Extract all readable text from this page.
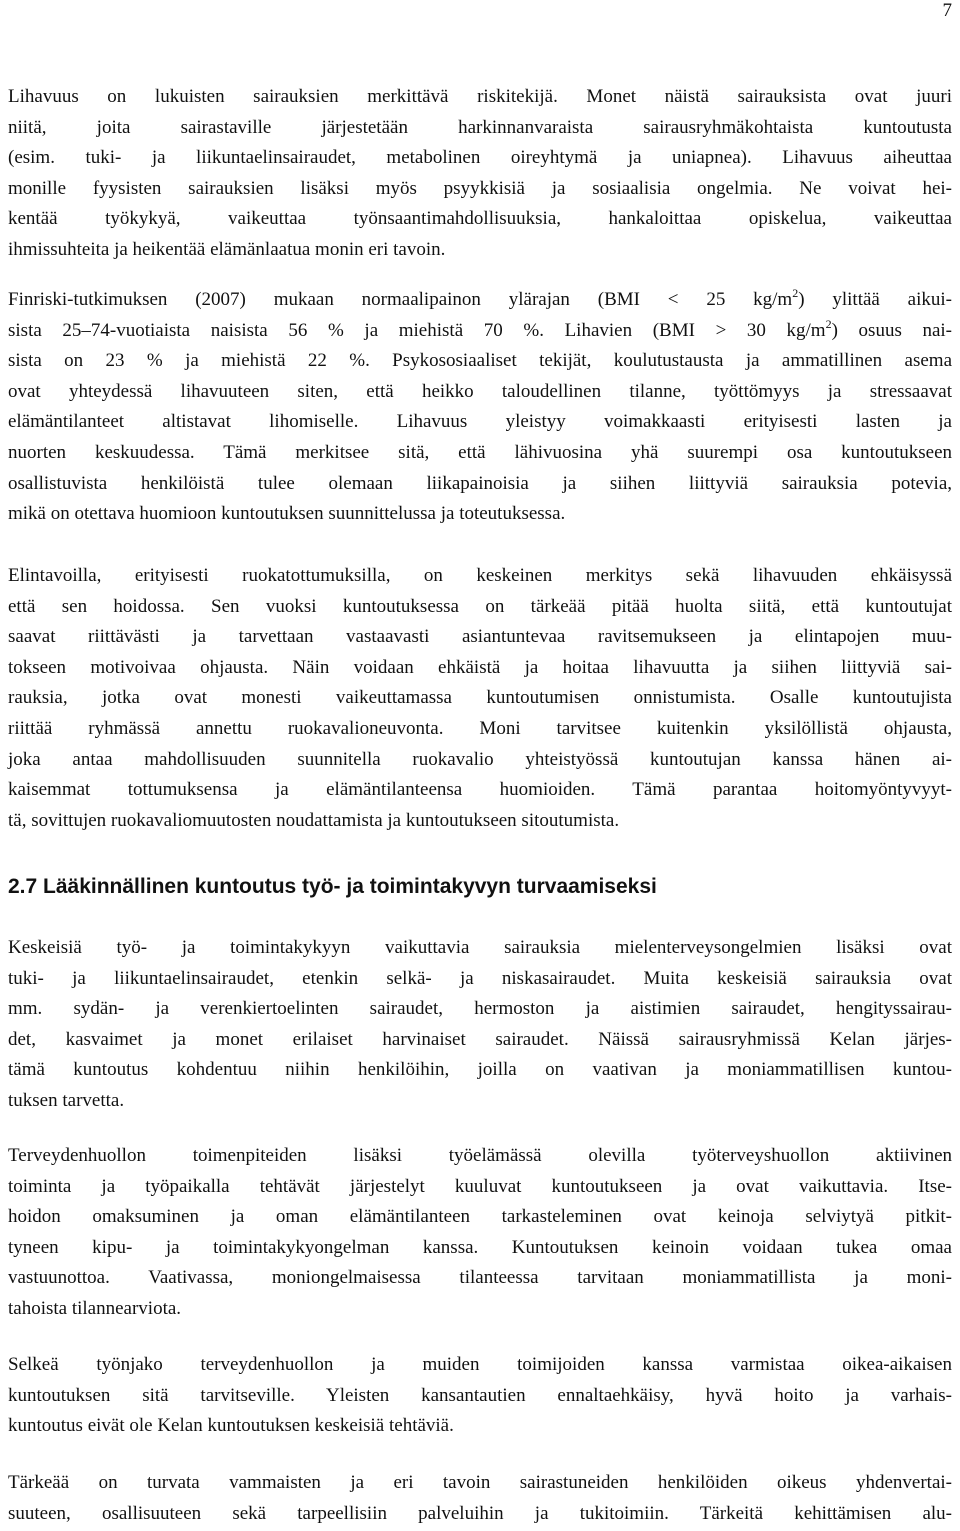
7
Lihavuus on lukuisten sairauksien merkittävä riskitekijä. Monet näistä sairauksista ovat juuri
niitä, joita sairastaville järjestetään harkinnanvaraista sairausryhmäkohtaista kuntoutusta
(esim. tuki- ja liikuntaelinsairaudet, metabolinen oireyhtymä ja uniapnea). Lihavuus aiheuttaa
monille fyysisten sairauksien lisäksi myös psyykkisiä ja sosiaalisia ongelmia. Ne voivat hei-
kentää työkykyä, vaikeuttaa työnsaantimahdollisuuksia, hankaloittaa opiskelua, vaikeuttaa
ihmissuhteita ja heikentää elämänlaatua monin eri tavoin.
Finriski-tutkimuksen (2007) mukaan normaalipainon ylärajan (BMI < 25 $kg/m^2$) ylittää aikui-
sista 25–74-vuotiaista naisista 56 % ja miehistä 70 %. Lihavien (BMI > 30 $kg/m^2$) osuus nai-
sista on 23 % ja miehistä 22 %. Psykososiaaliset tekijät, koulutustausta ja ammatillinen asema
ovat yhteydessä lihavuuteen siten, että heikko taloudellinen tilanne, työttömyys ja stressaavat
elämäntilanteet altistavat lihomiselle. Lihavuus yleistyy voimakkaasti erityisesti lasten ja
nuorten keskuudessa. Tämä merkitsee sitä, että lähivuosina yhä suurempi osa kuntoutukseen
osallistuvista henkilöistä tulee olemaan liikapainoisia ja siihen liittyviä sairauksia potevia,
mikä on otettava huomioon kuntoutuksen suunnittelussa ja toteutuksessa.
Elintavoilla, erityisesti ruokatottumuksilla, on keskeinen merkitys sekä lihavuuden ehkäisyssä
että sen hoidossa. Sen vuoksi kuntoutuksessa on tärkeää pitää huolta siitä, että kuntoutujat
saavat riittävästi ja tarvettaan vastaavasti asiantuntevaa ravitsemukseen ja elintapojen muu-
tokseen motivoivaa ohjausta. Näin voidaan ehkäistä ja hoitaa lihavuutta ja siihen liittyviä sai-
rauksia, jotka ovat monesti vaikeuttamassa kuntoutumisen onnistumista. Osalle kuntoutujista
riittää ryhmässä annettu ruokavalioneuvonta. Moni tarvitsee kuitenkin yksilöllistä ohjausta,
joka antaa mahdollisuuden suunnitella ruokavalio yhteistyössä kuntoutujan kanssa hänen ai-
kaisemmat tottumuksensa ja elämäntilanteensa huomioiden. Tämä parantaa hoitomyöntyvyyt-
tä, sovittujen ruokavaliomuutosten noudattamista ja kuntoutukseen sitoutumista.
2.7 Lääkinnällinen kuntoutus työ- ja toimintakyvyn turvaamiseksi
Keskeisiä työ- ja toimintakykyyn vaikuttavia sairauksia mielenterveysongelmien lisäksi ovat
tuki- ja liikuntaelinsairaudet, etenkin selkä- ja niskasairaudet. Muita keskeisiä sairauksia ovat
mm. sydän- ja verenkiertoelinten sairaudet, hermoston ja aistimien sairaudet, hengityssairau-
det, kasvaimet ja monet erilaiset harvinaiset sairaudet. Näissä sairausryhmissä Kelan järjes-
tämä kuntoutus kohdentuu niihin henkilöihin, joilla on vaativan ja moniammatillisen kuntou-
tuksen tarvetta.
Terveydenhuollon toimenpiteiden lisäksi työelämässä olevilla työterveyshuollon aktiivinen
toiminta ja työpaikalla tehtävät järjestelyt kuuluvat kuntoutukseen ja ovat vaikuttavia. Itse-
hoidon omaksuminen ja oman elämäntilanteen tarkasteleminen ovat keinoja selviytyä pitkit-
tyneen kipu- ja toimintakykyongelman kanssa. Kuntoutuksen keinoin voidaan tukea omaa
vastuunottoa. Vaativassa, moniongelmaisessa tilanteessa tarvitaan moniammatillista ja moni-
tahoista tilannearviota.
Selkeä työnjako terveydenhuollon ja muiden toimijoiden kanssa varmistaa oikea-aikaisen
kuntoutuksen sitä tarvitseville. Yleisten kansantautien ennaltaehkäisy, hyvä hoito ja varhais-
kuntoutus eivät ole Kelan kuntoutuksen keskeisiä tehtäviä.
Tärkeää on turvata vammaisten ja eri tavoin sairastuneiden henkilöiden oikeus yhdenvertai-
suuteen, osallisuuteen sekä tarpeellisiin palveluihin ja tukitoimiin. Tärkeitä kehittämisen alu-
